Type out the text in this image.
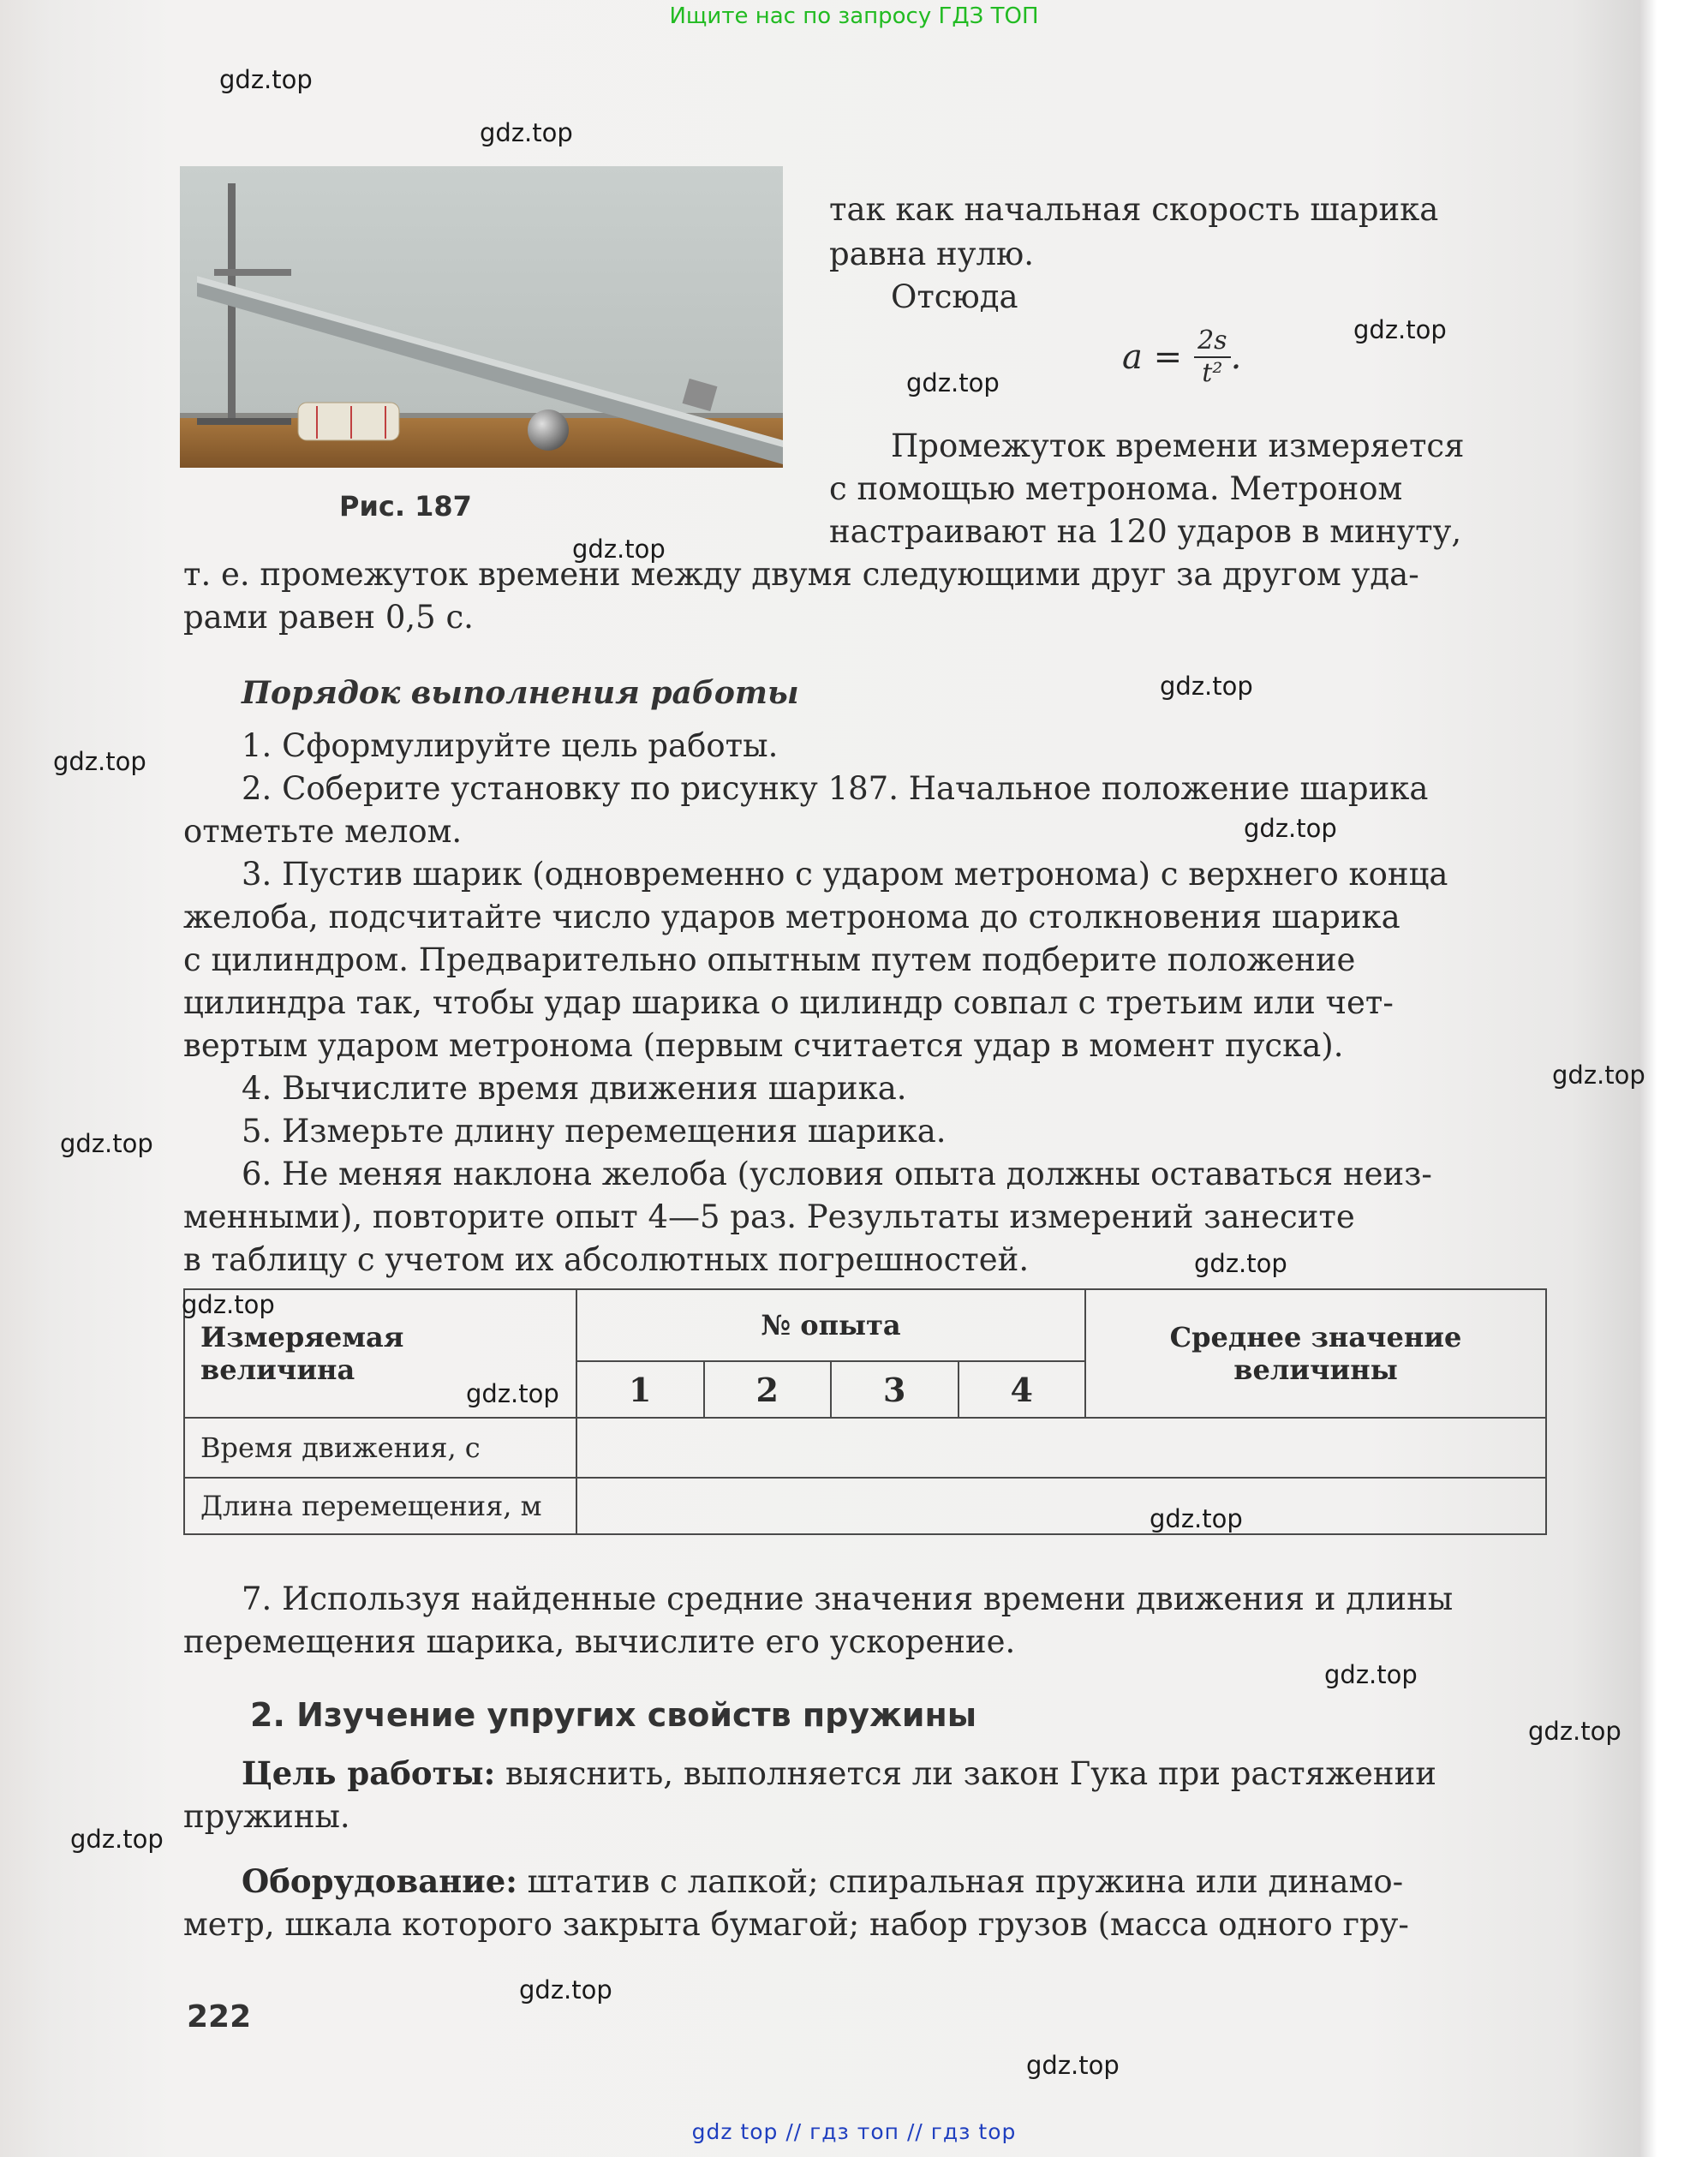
Ищите нас по запросу ГДЗ ТОП

Рис. 187
так как начальная скорость шарика
равна нулю.
Отсюда
$a = \frac{2s}{\text{t²}}$ .
Промежуток времени измеряется
с помощью метронома. Метроном
настраивают на 120 ударов в минуту,
т. е. промежуток времени между двумя следующими друг за другом уда-
рами равен 0,5 с.
Порядок выполнения работы
1. Сформулируйте цель работы.
2. Соберите установку по рисунку 187. Начальное положение шарика
отметьте мелом.
3. Пустив шарик (одновременно с ударом метронома) с верхнего конца
желоба, подсчитайте число ударов метронома до столкновения шарика
с цилиндром. Предварительно опытным путем подберите положение
цилиндра так, чтобы удар шарика о цилиндр совпал с третьим или чет-
вертым ударом метронома (первым считается удар в момент пуска).
4. Вычислите время движения шарика.
5. Измерьте длину перемещения шарика.
6. Не меняя наклона желоба (условия опыта должны оставаться неиз-
менными), повторите опыт 4—5 раз. Результаты измерений занесите
в таблицу с учетом их абсолютных погрешностей.
Измеряемая величина	№ опыта				Среднее значение величины
	1	2	3	4	
Время движения, с					
Длина перемещения, м					
7. Используя найденные средние значения времени движения и длины
перемещения шарика, вычислите его ускорение.
2. Изучение упругих свойств пружины
Цель работы: выяснить, выполняется ли закон Гука при растяжении
пружины.
Оборудование: штатив с лапкой; спиральная пружина или динамо-
метр, шкала которого закрыта бумагой; набор грузов (масса одного гру-
222
gdz.top
gdz.top
gdz.top
gdz.top
gdz.top
gdz.top
gdz.top
gdz.top
gdz.top
gdz.top
gdz.top
gdz.top
gdz.top
gdz.top
gdz.top
gdz.top
gdz.top
gdz.top
gdz.top
gdz top // гдз топ // гдз top
